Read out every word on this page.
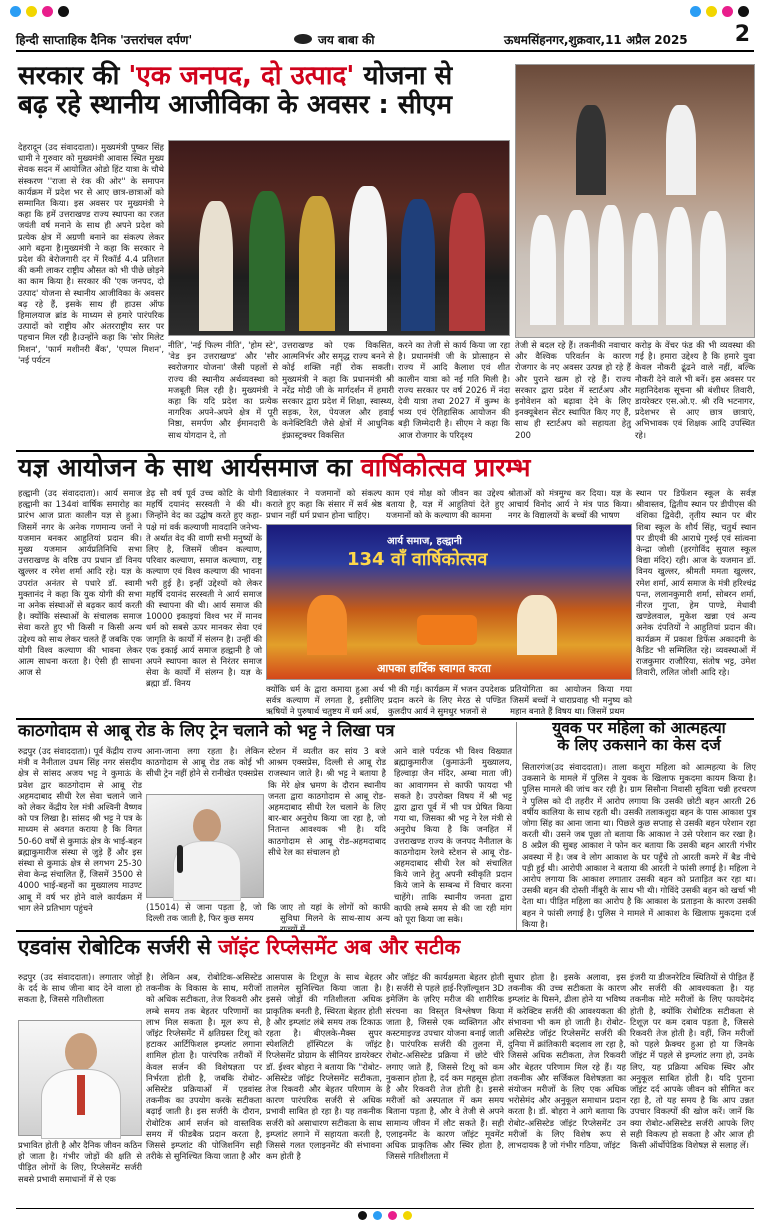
हिन्दी साप्ताहिक दैनिक 'उत्तरांचल दर्पण'	जय बाबा की	ऊधमसिंहनगर,शुक्रवार,11 अप्रैल 2025 2
सरकार की 'एक जनपद, दो उत्पाद' योजना से
बढ़ रहे स्थानीय आजीविका के अवसर : सीएम
देहरादून (उद संवाददाता)। मुख्यमंत्री पुष्कर सिंह धामी ने गुरुवार को मुख्यमंत्री आवास स्थित मुख्य सेवक सदन में आयोजित ओडो हिंट यात्रा के चौथे संस्करण ''राजा से रंक की ओर'' के समापन कार्यक्रम में प्रदेश भर से आए छात्र-छात्राओं को सम्मानित किया। इस अवसर पर मुख्यमंत्री ने कहा कि हमें उत्तराखण्ड राज्य स्थापना का रजत जयंती वर्ष मनाने के साथ ही अपने प्रदेश को प्रत्येक क्षेत्र में अग्रणी बनाने का संकल्प लेकर आगे बढ़ना है।मुख्यमंत्री ने कहा कि सरकार ने प्रदेश की बेरोजगारी दर में रिकॉर्ड 4.4 प्रतिशत की कमी लाकर राष्ट्रीय औसत को भी पीछे छोड़ने का काम किया है। सरकार की 'एक जनपद, दो उत्पाद' योजना से स्थानीय आजीविका के अवसर बढ़ रहे हैं, इसके साथ ही हाउस ऑफ हिमालयाज ब्रांड के माध्यम से हमारे पारंपरिक उत्पादों को राष्ट्रीय और अंतरराष्ट्रीय स्तर पर पहचान मिल रही है।उन्होंने कहा कि 'सोर मिलेट मिशन', 'फार्म मशीनरी बैंक', 'एप्पल मिशन', 'नई पर्यटन
नीति', 'नई फिल्म नीति', 'होम स्टे', 'वेड इन उत्तराखण्ड' और 'सौर स्वरोजगार योजना' जैसी पहलों से राज्य की स्थानीय अर्थव्यवस्था को मजबूती मिल रही है। मुख्यमंत्री ने कहा कि यदि प्रदेश का प्रत्येक नागरिक अपने-अपने क्षेत्र में पूरी निष्ठा, समर्पण और ईमानदारी के साथ योगदान दे, तो
उत्तराखण्ड को एक विकसित, आत्मनिर्भर और समृद्ध राज्य बनने से कोई शक्ति नहीं रोक सकती। मुख्यमंत्री ने कहा कि प्रधानमंत्री श्री नरेंद्र मोदी जी के मार्गदर्शन में हमारी सरकार द्वारा प्रदेश में शिक्षा, स्वास्थ्य, सड़क, रेल, पेयजल और हवाई कनेक्टिविटी जैसे क्षेत्रों में आधुनिक इंफ्रास्ट्रक्चर विकसित
करने का तेजी से कार्य किया जा रहा है। प्रधानमंत्री जी के प्रोत्साहन से राज्य में आदि कैलाश एवं शीत कालीन यात्रा को नई गति मिली है। राज्य सरकार पर वर्ष 2026 में नंदा देवी यात्रा तथा 2027 में कुम्भ के भव्य एवं ऐतिहासिक आयोजन की बड़ी जिम्मेदारी है। सीएम ने कहा कि आज रोजगार के परिदृश्य
तेजी से बदल रहे हैं। तकनीकी नवाचार और वैश्विक परिवर्तन के कारण रोजगार के नए अवसर उत्पन्न हो रहे हैं और पुराने खत्म हो रहे हैं। राज्य सरकार द्वारा प्रदेश में स्टार्टअप और इनोवेशन को बढ़ावा देने के लिए इनक्यूबेशन सेंटर स्थापित किए गए हैं, साथ ही स्टार्टअप को सहायता हेतु 200
करोड़ के वेंचर फंड की भी व्यवस्था की गई है। हमारा उद्देश्य है कि हमारे युवा केवल नौकरी ढूंढने वाले नहीं, बल्कि नौकरी देने वाले भी बनें। इस अवसर पर महानिदेशक सूचना श्री बंशीधर तिवारी, डायरेक्टर एस.ओ.ए. श्री रवि भटनागर, प्रदेशभर से आए छात्र छात्राएं, अभिभावक एवं शिक्षक आदि उपस्थित रहे।
यज्ञ आयोजन के साथ आर्यसमाज का वार्षिकोत्सव प्रारम्भ
हल्द्वानी (उद संवाददाता)। आर्य समाज हल्द्वानी का 134वां वार्षिक समारोह का प्रारंभ आज प्रातः कालीन यज्ञ से हुआ। जिसमें नगर के अनेक गणमान्य जनों ने यजमान बनकर आहुतियां प्रदान की। मुख्य यजमान आर्यप्रतिनिधि सभा उत्तराखण्ड के वरिष्ठ उप प्रधान डॉ विनय खुल्लर व रमेश शर्मा आदि रहे। यज्ञ के उपरांत अनंतर से पधारे डॉ. स्वामी मुक्तानंद ने कहा कि युक योगी की सभा ना अनेक संस्थाओं से बढ़कर कार्य करती है। क्योंकि संस्थाओं के संचालक समाज सेवा करते हुए भी किसी न किसी अन्य उद्देश्य को साथ लेकर चलते हैं जबकि एक योगी विश्व कल्याण की भावना लेकर आत्म साधना करता है। ऐसी ही साधना आज से
डेढ़ सौ वर्ष पूर्व उच्च कोटि के योगी महर्षि दयानंद सरस्वती ने की थी। जिन्होंने वेद का उद्घोष करते हुए कहा-पक्षे मां वर्क कल्याणी मावदानि जनेभ्य-ते अर्थात वेद की वाणी सभी मनुष्यों के लिए है, जिसमें जीवन कल्याण, परिवार कल्याण, समाज कल्याण, राष्ट्र कल्याण एवं विश्व कल्याण की भावना भरी हुई है। इन्हीं उद्देश्यों को लेकर महर्षि दयानंद सरस्वती ने आर्य समाज की स्थापना की थी। आर्य समाज की 10000 इकाइयां विश्व भर में मानव धर्म को सबसे ऊपर मानकर सेवा एवं जागृति के कार्यों में संलग्न है। उन्हीं की एक इकाई आर्य समाज हल्द्वानी है जो अपने स्थापना काल से निरंतर समाज सेवा के कार्यों में संलग्न है। यज्ञ के ब्रह्मा डॉ. विनय
विद्यालंकार ने यजमानों को संकल्प कराते हुए कहा कि संसार में सर्व श्रेष्ठ प्रधान नहीं धर्म प्रधान होना चाहिए।
काम एवं मोक्ष को जीवन का उद्देश्य बताया है, यज्ञ में आहुतियां देते हुए यजमानों को के कल्याण की कामना
श्रोताओं को मंत्रमुग्ध कर दिया। यज्ञ के आचार्य विनोद आर्य ने मंत्र पाठ किया। नगर के विद्यालयों के बच्चों की भाषण
स्थान पर डिफेंशन स्कूल के सर्वज्ञ श्रीवास्तव, द्वितीय स्थान पर डीपीएस की वंशिका द्विवेदी, तृतीय स्थान पर बीर शिबा स्कूल के शौर्य सिंह, चतुर्थ स्थान पर डीएवी की आराधे गुरुई एवं सांत्वना केन्द्रा जोशी (हरगोविंद सुयाल स्कूल विद्या मंदिर) रही। आज के यजमान डॉ. विनय खुल्लर, श्रीमती ममता खुल्लर, रमेश शर्मा, आर्य समाज के मंत्री हरिश्चंद्र पन्त, ललानकुमारी शर्मा, सोबरन शर्मा, नीरज गुप्ता, हेम पाण्डे, मेधावी खण्डेलवाल, मुकेश खन्ना एवं अन्य अनेक दंपतियों ने आहुतियां प्रदान की। कार्यक्रम में प्रकाश डिफेंस अकादमी के कैडिट भी सम्मिलित रहे। व्यवस्थाओं में राजकुमार राजौरिया, संतोष भट्ट, उमेश तिवारी, ललित जोशी आदि रहे।
आर्य समाज, हल्द्वानी
134 वाँ वार्षिकोत्सव
आपका हार्दिक स्वागत करता
क्योंकि धर्म के द्वारा कमाया हुआ अर्थ सर्वत्र कल्याण में लगता है, इसीलिए ऋषियों ने पुरुषार्थ चतुष्टय में धर्म अर्थ,
भी की गई। कार्यक्रम में भजन उपदेशक प्रदान करने के लिए मेरठ से पण्डित कुलदीप आर्य ने सुमधुर भजनों से
प्रतियोगिता का आयोजन किया गया जिसमें बच्चों ने धाराप्रवाह भी मनुष्य को महान बनाते हैं विषय था। जिसमें प्रथम
काठगोदाम से आबू रोड के लिए ट्रेन चलाने को भट्ट ने लिखा पत्र
रुद्रपुर (उद संवाददाता)। पूर्व केंद्रीय राज्य मंत्री व नैनीताल उधम सिंह नगर संसदीय क्षेत्र से सांसद अजय भट्ट ने कुमाऊं के प्रवेश द्वार काठगोदाम से आबू रोड अहमदाबाद सीधी रेल सेवा चलाने जाने को लेकर केंद्रीय रेल मंत्री अश्विनी वैष्णव को पत्र लिखा है। सांसद श्री भट्ट ने पत्र के माध्यम से अवगत कराया है कि विगत 50-60 वर्षों से कुमाऊं क्षेत्र के भाई-बहन ब्रह्माकुमारीज संस्था से जुड़े हैं और इस संस्था से कुमाऊं क्षेत्र से लगभग 25-30 सेवा केन्द्र संचालित हैं, जिसमें 3500 से 4000 भाई-बहनों का मुख्यालय माउण्ट आबू में वर्ष भर होने वाले कार्यक्रम में भाग लेने प्रतिभाग पहुंचने
आना-जाना लगा रहता है। लेकिन काठगोदाम से आबू रोड तक कोई भी सीधी ट्रेन नहीं होने से रानीखेत एक्सप्रेस
(15014) से जाना पड़ता है, जो कि दिल्ली तक जाती है, फिर कुछ समय
स्टेशन में व्यतीत कर सांय 3 बजे आश्रम एक्सप्रेस, दिल्ली से आबू रोड राजस्थान जाते है। श्री भट्ट ने बताया है कि मेरे क्षेत्र भ्रमण के दौरान स्थानीय जनता द्वारा काठगोदाम से आबू रोड-अहमदाबाद सीधी रेल चलाने के लिए बार-बार अनुरोध किया जा रहा है, जो नितान्त आवश्यक भी है। यदि काठगोदाम से आबू रोड-अहमदाबाद सीधे रेल का संचालन हो
जाए तो यहां के लोगों को काफी सुविधा मिलने के साथ-साथ अन्य
आने वाले पर्यटक भी विश्व विख्यात ब्रह्माकुमारीज (कुमाऊंनी मुख्यालय, हिल्वाड़ा जैन मंदिर, अम्बा माता जी) का आवागमन से काफी फायदा भी सकते है। उपरोक्त विषय में श्री भट्ट द्वारा द्वारा पूर्व में भी पत्र प्रेषित किया गया था, जिसका श्री भट्ट ने रेल मंत्री से अनुरोध किया है कि जनहित में उत्तराखण्ड राज्य के जनपद नैनीताल के काठगोदाम रेलवे स्टेशन से आबू रोड-अहमदाबाद सीधी रेल को संचालित किये जाने हेतु अपनी स्वीकृति प्रदान किये जाने के सम्बन्ध में विचार करना चाहेंगे। ताकि स्थानीय जनता द्वारा काफी लम्बे समय से की जा रही मांग को पूरा किया जा सके।
युवक पर महिला को आत्महत्या
के लिए उकसाने का केस दर्ज
सितारगंज(उद संवाददाता)। ताला कशुरा महिला को आत्महत्या के लिए उकसाने के मामले में पुलिस ने युवक के खिलाफ मुकदमा कायम किया है। पुलिस मामले की जांच कर रही है। ग्राम सिसौना निवासी सुविता चन्नी हरचरण ने पुलिस को दी तहरीर में आरोप लगाया कि उसकी छोटी बहन आरती 26 वर्षीय कालिया के साथ रहती थी। उसकी तलाकशुदा बहन के पास आकाश पुत्र जोगा सिंह का आना जाना था। पिछले कुछ सप्ताह से उसकी बहन परेशान रहा करती थी। उसने जब पूछा तो बताया कि आकाश ने उसे परेशान कर रखा है। 8 अप्रैल की सुबह आकाश ने फोन कर बताया कि उसकी बहन आरती गंभीर अवस्था में है। जब वे लोग आकाश के घर पहुँचे तो आरती कमरे में बैड नीचे पड़ी हुई थी। आरोपी आकाश ने बताया की आरती ने फांसी लगाई है। महिला ने आरोप लगाया कि आकाश लगातार उसकी बहन को प्रताड़ित कर रहा था। उसकी बहन की दोस्ती नींबूरी के साथ भी थी। गोविंदे उसकी बहन को खर्चा भी देता था। पीड़ित महिला का आरोप है कि आकाश के प्रताड़ना के कारण उसकी बहन ने फांसी लगाई है। पुलिस ने मामले में आकाश के खिलाफ मुकदमा दर्ज किया है।
एडवांस रोबोटिक सर्जरी से जॉइंट रिप्लेसमेंट अब और सटीक
रुद्रपुर (उद संवाददाता)। लगातार जोड़ों के दर्द के साथ जीना बाद देने वाला हो सकता है, जिससे गतिशीलता
प्रभावित होती है और दैनिक जीवन कठिन हो जाता है। गंभीर जोड़ों की क्षति से पीड़ित लोगों के लिए, रिप्लेसमेंट सर्जरी सबसे प्रभावी समाधानों में से एक
है। लेकिन अब, रोबोटिक-असिस्टेड तकनीक के विकास के साथ, मरीजों को अधिक सटीकता, तेज रिकवरी और लम्बे समय तक बेहतर परिणामों का लाभ मिल सकता है। मूल रूप से, जॉइंट रिप्लेसमेंट में क्षतिग्रस्त टिशू को हटाकर आर्टिफिशल इम्प्लांट लगाना शामिल होता है। पारंपरिक तरीकों में केवल सर्जन की विशेषज्ञता पर निर्भरता होती है, जबकि रोबोट-असिस्टेड प्रक्रियाओं में एडवांस्ड तकनीक का उपयोग करके सटीकता बढ़ाई जाती है। इस सर्जरी के दौरान, रोबोटिक आर्म सर्जन को वास्तविक समय में फीडबैक प्रदान करता है, जिससे इम्प्लांट की पोजिशनिंग सही तरीके से सुनिश्चित किया जाता है और
आसपास के टिशूज़ के साथ बेहतर तालमेल सुनिश्चित किया जाता है। इससे जोड़ों की गतिशीलता अधिक प्राकृतिक बनती है, स्थिरता बेहतर होती है और इम्प्लांट लंबे समय तक टिकाऊ रहता है। बीएलके-मैक्स सुपर स्पेशलिटी हॉस्पिटल के जॉइंट रिप्लेसमेंट प्रोग्राम के सीनियर डायरेक्टर डॉ. ईश्वर बोहरा ने बताया कि "रोबोट-असिस्टेड जॉइंट रिप्लेसमेंट सटीकता, तेज रिकवरी और बेहतर परिणाम के कारण पारंपरिक सर्जरी से अधिक प्रभावी साबित हो रहा है। यह तकनीक सर्जरी को असाधारण सटीकता के साथ इम्प्लांट लगाने में सहायता करती है, जिससे गलत एलाइनमेंट की संभावना कम होती है
और जॉइंट की कार्यक्षमता बेहतर होती है। सर्जरी से पहले हाई-रिज़ॉल्यूशन 3D इमेजिंग के ज़रिए मरीज की शारीरिक संरचना का विस्तृत विश्लेषण किया जाता है, जिससे एक व्यक्तिगत और कस्टमाइज्ड उपचार योजना बनाई जाती है। पारंपरिक सर्जरी की तुलना में, रोबोट-असिस्टेड प्रक्रिया में छोटे चीरे लगाए जाते हैं, जिससे टिशू को कम नुकसान होता है, दर्द कम महसूस होता है और रिकवरी तेज होती है। इससे मरीजों को अस्पताल में कम समय बिताना पड़ता है, और वे तेजी से अपने सामान्य जीवन में लौट सकते हैं। सही एलाइनमेंट के कारण जॉइंट मूवमेंट अधिक प्राकृतिक और स्थिर होता है, जिससे गतिशीलता में
सुधार होता है। इसके अलावा, इस तकनीक की उच्च सटीकता के कारण इम्प्लांट के घिसने, ढीला होने या भविष्य में करेक्टिव सर्जरी की आवश्यकता की संभावना भी कम हो जाती है। रोबोट-असिस्टेड जॉइंट रिप्लेसमेंट सर्जरी की दुनिया में क्रांतिकारी बदलाव ला रहा है, जिससे अधिक सटीकता, तेज रिकवरी और बेहतर परिणाम मिल रहे हैं। यह तकनीक और सर्जिकल विशेषज्ञता का संयोजन मरीजों के लिए एक अधिक भरोसेमंद और अनुकूल समाधान प्रदान करता है। डॉ. बोहरा ने आगे बताया कि रोबोट-असिस्टेड जॉइंट रिप्लेसमेंट उन मरीजों के लिए विशेष रूप से लाभदायक है जो गंभीर गठिया, जॉइंट
इंजरी या डीजनरेटिव स्थितियों से पीड़ित हैं और सर्जरी की आवश्यकता है। यह तकनीक मोटे मरीजों के लिए फायदेमंद होती है, क्योंकि रोबोटिक सटीकता से टिशूज़ पर कम दबाव पड़ता है, जिससे रिकवरी तेज होती है। वहीं, जिन मरीजों को पहले फ्रैक्चर हुआ हो या जिनके जॉइंट में पहले से इम्प्लांट लगा हो, उनके लिए, यह प्रक्रिया अधिक स्थिर और अनुकूल साबित होती है। यदि पुराना जॉइंट दर्द आपके जीवन को सीमित कर रहा है, तो यह समय है कि आप उन्नत उपचार विकल्पों की खोज करें। जानें कि क्या रोबोट-असिस्टेड सर्जरी आपके लिए सही विकल्प हो सकता है और आज ही किसी ऑर्थोपेडिक विशेषज्ञ से सलाह लें।
